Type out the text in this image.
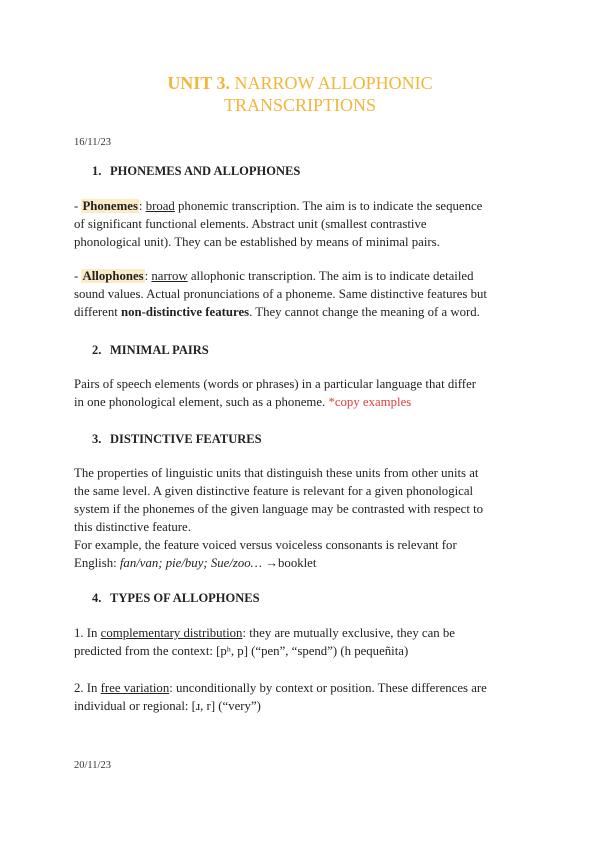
UNIT 3. NARROW ALLOPHONIC
TRANSCRIPTIONS
16/11/23
1. PHONEMES AND ALLOPHONES
- Phonemes: broad phonemic transcription. The aim is to indicate the sequence
of significant functional elements. Abstract unit (smallest contrastive
phonological unit). They can be established by means of minimal pairs.
- Allophones: narrow allophonic transcription. The aim is to indicate detailed
sound values. Actual pronunciations of a phoneme. Same distinctive features but
different non-distinctive features. They cannot change the meaning of a word.
2. MINIMAL PAIRS
Pairs of speech elements (words or phrases) in a particular language that differ
in one phonological element, such as a phoneme. *copy examples
3. DISTINCTIVE FEATURES
The properties of linguistic units that distinguish these units from other units at
the same level. A given distinctive feature is relevant for a given phonological
system if the phonemes of the given language may be contrasted with respect to
this distinctive feature.
For example, the feature voiced versus voiceless consonants is relevant for
English: fan/van; pie/buy; Sue/zoo… →booklet
4. TYPES OF ALLOPHONES
1. In complementary distribution: they are mutually exclusive, they can be
predicted from the context: [pʰ, p] (“pen”, “spend”) (h pequeñita)
2. In free variation: unconditionally by context or position. These differences are
individual or regional: [ɹ, r] (“very”)
20/11/23
